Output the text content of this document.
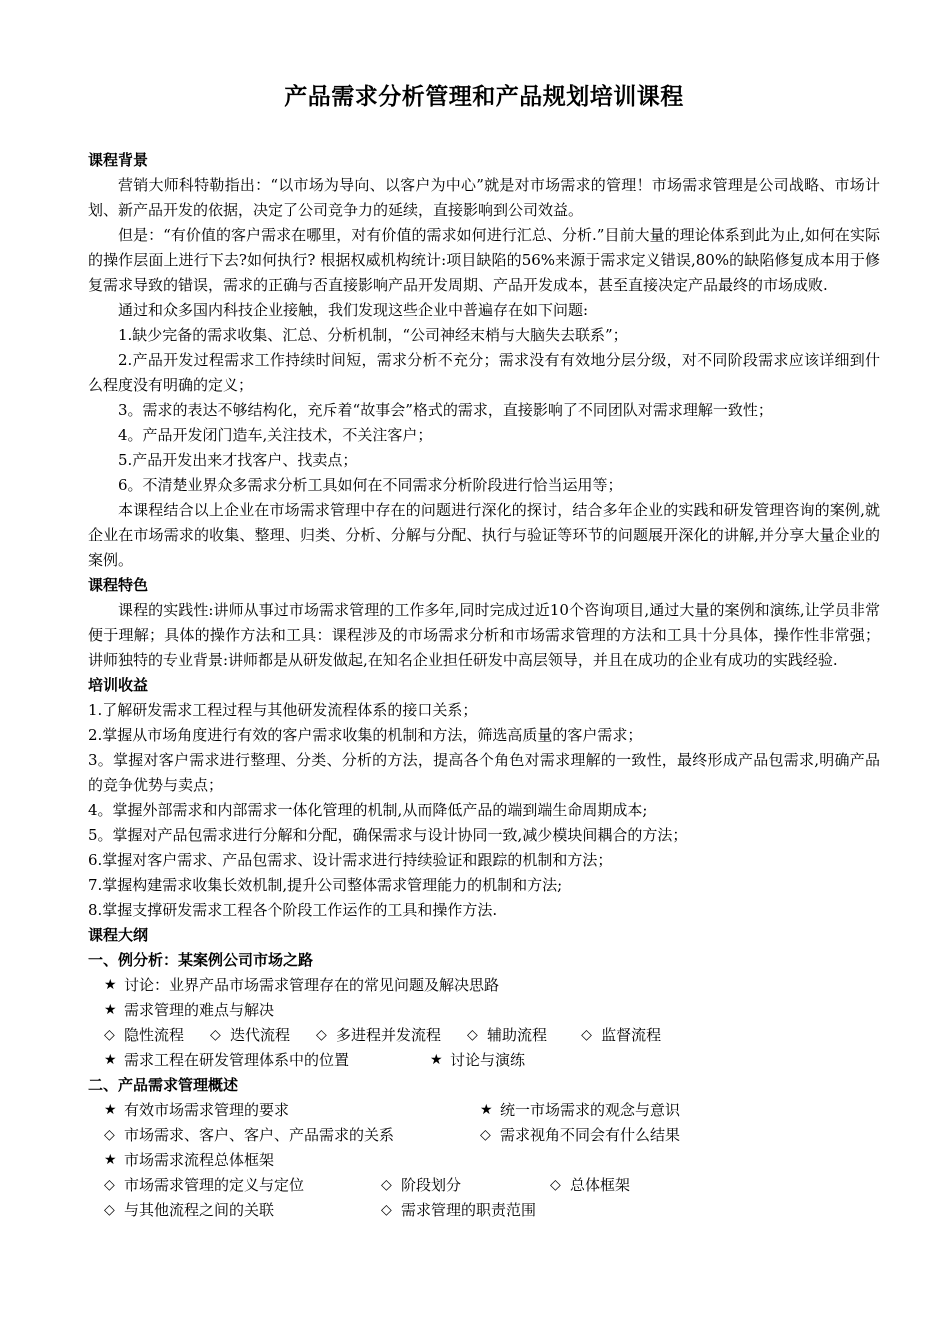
产品需求分析管理和产品规划培训课程
课程背景

营销大师科特勒指出：“以市场为导向、以客户为中心”就是对市场需求的管理！市场需求管理是公司战略、市场计划、新产品开发的依据，决定了公司竞争力的延续，直接影响到公司效益。

但是：“有价值的客户需求在哪里，对有价值的需求如何进行汇总、分析.”目前大量的理论体系到此为止,如何在实际的操作层面上进行下去?如何执行? 根据权威机构统计:项目缺陷的56%来源于需求定义错误,80%的缺陷修复成本用于修复需求导致的错误，需求的正确与否直接影响产品开发周期、产品开发成本，甚至直接决定产品最终的市场成败.

通过和众多国内科技企业接触，我们发现这些企业中普遍存在如下问题:

1.缺少完备的需求收集、汇总、分析机制，“公司神经末梢与大脑失去联系”；

2.产品开发过程需求工作持续时间短，需求分析不充分；需求没有有效地分层分级，对不同阶段需求应该详细到什么程度没有明确的定义；

3。需求的表达不够结构化，充斥着“故事会”格式的需求，直接影响了不同团队对需求理解一致性；

4。产品开发闭门造车,关注技术，不关注客户；

5.产品开发出来才找客户、找卖点；

6。不清楚业界众多需求分析工具如何在不同需求分析阶段进行恰当运用等；

本课程结合以上企业在市场需求管理中存在的问题进行深化的探讨，结合多年企业的实践和研发管理咨询的案例,就企业在市场需求的收集、整理、归类、分析、分解与分配、执行与验证等环节的问题展开深化的讲解,并分享大量企业的案例。

课程特色

课程的实践性:讲师从事过市场需求管理的工作多年,同时完成过近10个咨询项目,通过大量的案例和演练,让学员非常便于理解；具体的操作方法和工具：课程涉及的市场需求分析和市场需求管理的方法和工具十分具体，操作性非常强；讲师独特的专业背景:讲师都是从研发做起,在知名企业担任研发中高层领导，并且在成功的企业有成功的实践经验.

培训收益

1.了解研发需求工程过程与其他研发流程体系的接口关系；

2.掌握从市场角度进行有效的客户需求收集的机制和方法，筛选高质量的客户需求；

3。掌握对客户需求进行整理、分类、分析的方法，提高各个角色对需求理解的一致性，最终形成产品包需求,明确产品的竞争优势与卖点；

4。掌握外部需求和内部需求一体化管理的机制,从而降低产品的端到端生命周期成本;

5。掌握对产品包需求进行分解和分配，确保需求与设计协同一致,减少模块间耦合的方法；

6.掌握对客户需求、产品包需求、设计需求进行持续验证和跟踪的机制和方法；

7.掌握构建需求收集长效机制,提升公司整体需求管理能力的机制和方法;

8.掌握支撑研发需求工程各个阶段工作运作的工具和操作方法.

课程大纲
一、例分析：某案例公司市场之路
★ 讨论：业界产品市场需求管理存在的常见问题及解决思路
★ 需求管理的难点与解决
◇ 隐性流程 ◇ 迭代流程 ◇ 多进程并发流程 ◇ 辅助流程 ◇ 监督流程
★ 需求工程在研发管理体系中的位置	★ 讨论与演练
二、产品需求管理概述
★ 有效市场需求管理的要求	★ 统一市场需求的观念与意识
◇ 市场需求、客户、客户、产品需求的关系	◇ 需求视角不同会有什么结果
★ 市场需求流程总体框架
◇ 市场需求管理的定义与定位	◇ 阶段划分	◇ 总体框架
◇ 与其他流程之间的关联	◇ 需求管理的职责范围
